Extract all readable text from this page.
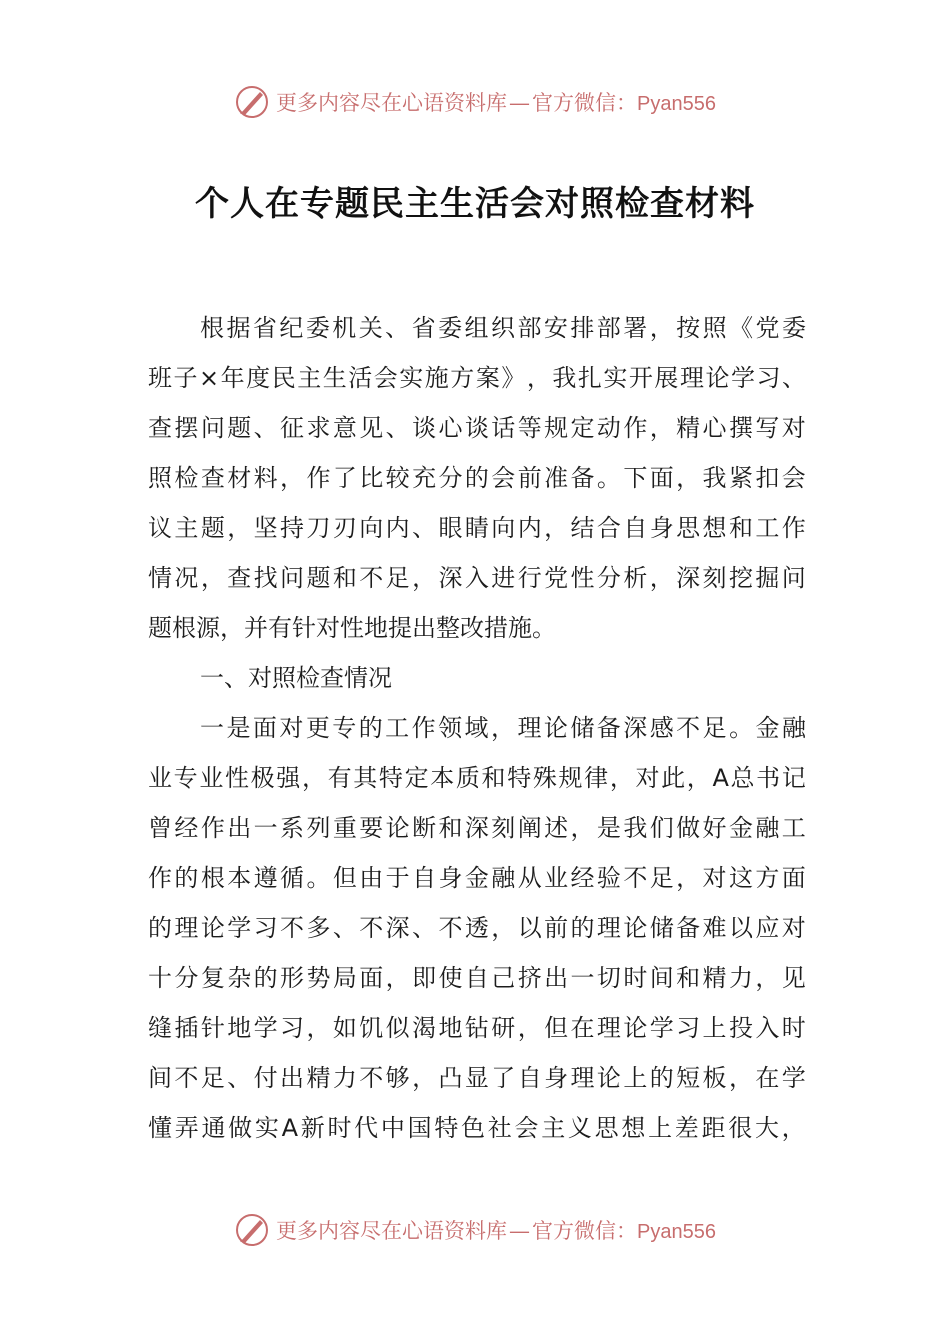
更多内容尽在心语资料库—官方微信：Pyan556
个人在专题民主生活会对照检查材料
根 据 省 纪 委 机 关 、 省 委 组 织 部 安 排 部 署 ， 按 照 《 党 委
班 子 × 年 度 民 主 生 活 会 实 施 方 案 》 ， 我 扎 实 开 展 理 论 学 习 、
查 摆 问 题 、 征 求 意 见 、 谈 心 谈 话 等 规 定 动 作 ， 精 心 撰 写 对
照 检 查 材 料 ， 作 了 比 较 充 分 的 会 前 准 备 。 下 面 ， 我 紧 扣 会
议 主 题 ， 坚 持 刀 刃 向 内 、 眼 睛 向 内 ， 结 合 自 身 思 想 和 工 作
情 况 ， 查 找 问 题 和 不 足 ， 深 入 进 行 党 性 分 析 ， 深 刻 挖 掘 问
题根源，并有针对性地提出整改措施。
一、对照检查情况
一 是 面 对 更 专 的 工 作 领 域 ， 理 论 储 备 深 感 不 足 。 金 融
业 专 业 性 极 强 ， 有 其 特 定 本 质 和 特 殊 规 律 ， 对 此 ， A 总 书 记
曾 经 作 出 一 系 列 重 要 论 断 和 深 刻 阐 述 ， 是 我 们 做 好 金 融 工
作 的 根 本 遵 循 。 但 由 于 自 身 金 融 从 业 经 验 不 足 ， 对 这 方 面
的 理 论 学 习 不 多 、 不 深 、 不 透 ， 以 前 的 理 论 储 备 难 以 应 对
十 分 复 杂 的 形 势 局 面 ， 即 使 自 己 挤 出 一 切 时 间 和 精 力 ， 见
缝 插 针 地 学 习 ， 如 饥 似 渴 地 钻 研 ， 但 在 理 论 学 习 上 投 入 时
间 不 足 、 付 出 精 力 不 够 ， 凸 显 了 自 身 理 论 上 的 短 板 ， 在 学
懂 弄 通 做 实 A 新 时 代 中 国 特 色 社 会 主 义 思 想 上 差 距 很 大 ，
更多内容尽在心语资料库—官方微信：Pyan556
